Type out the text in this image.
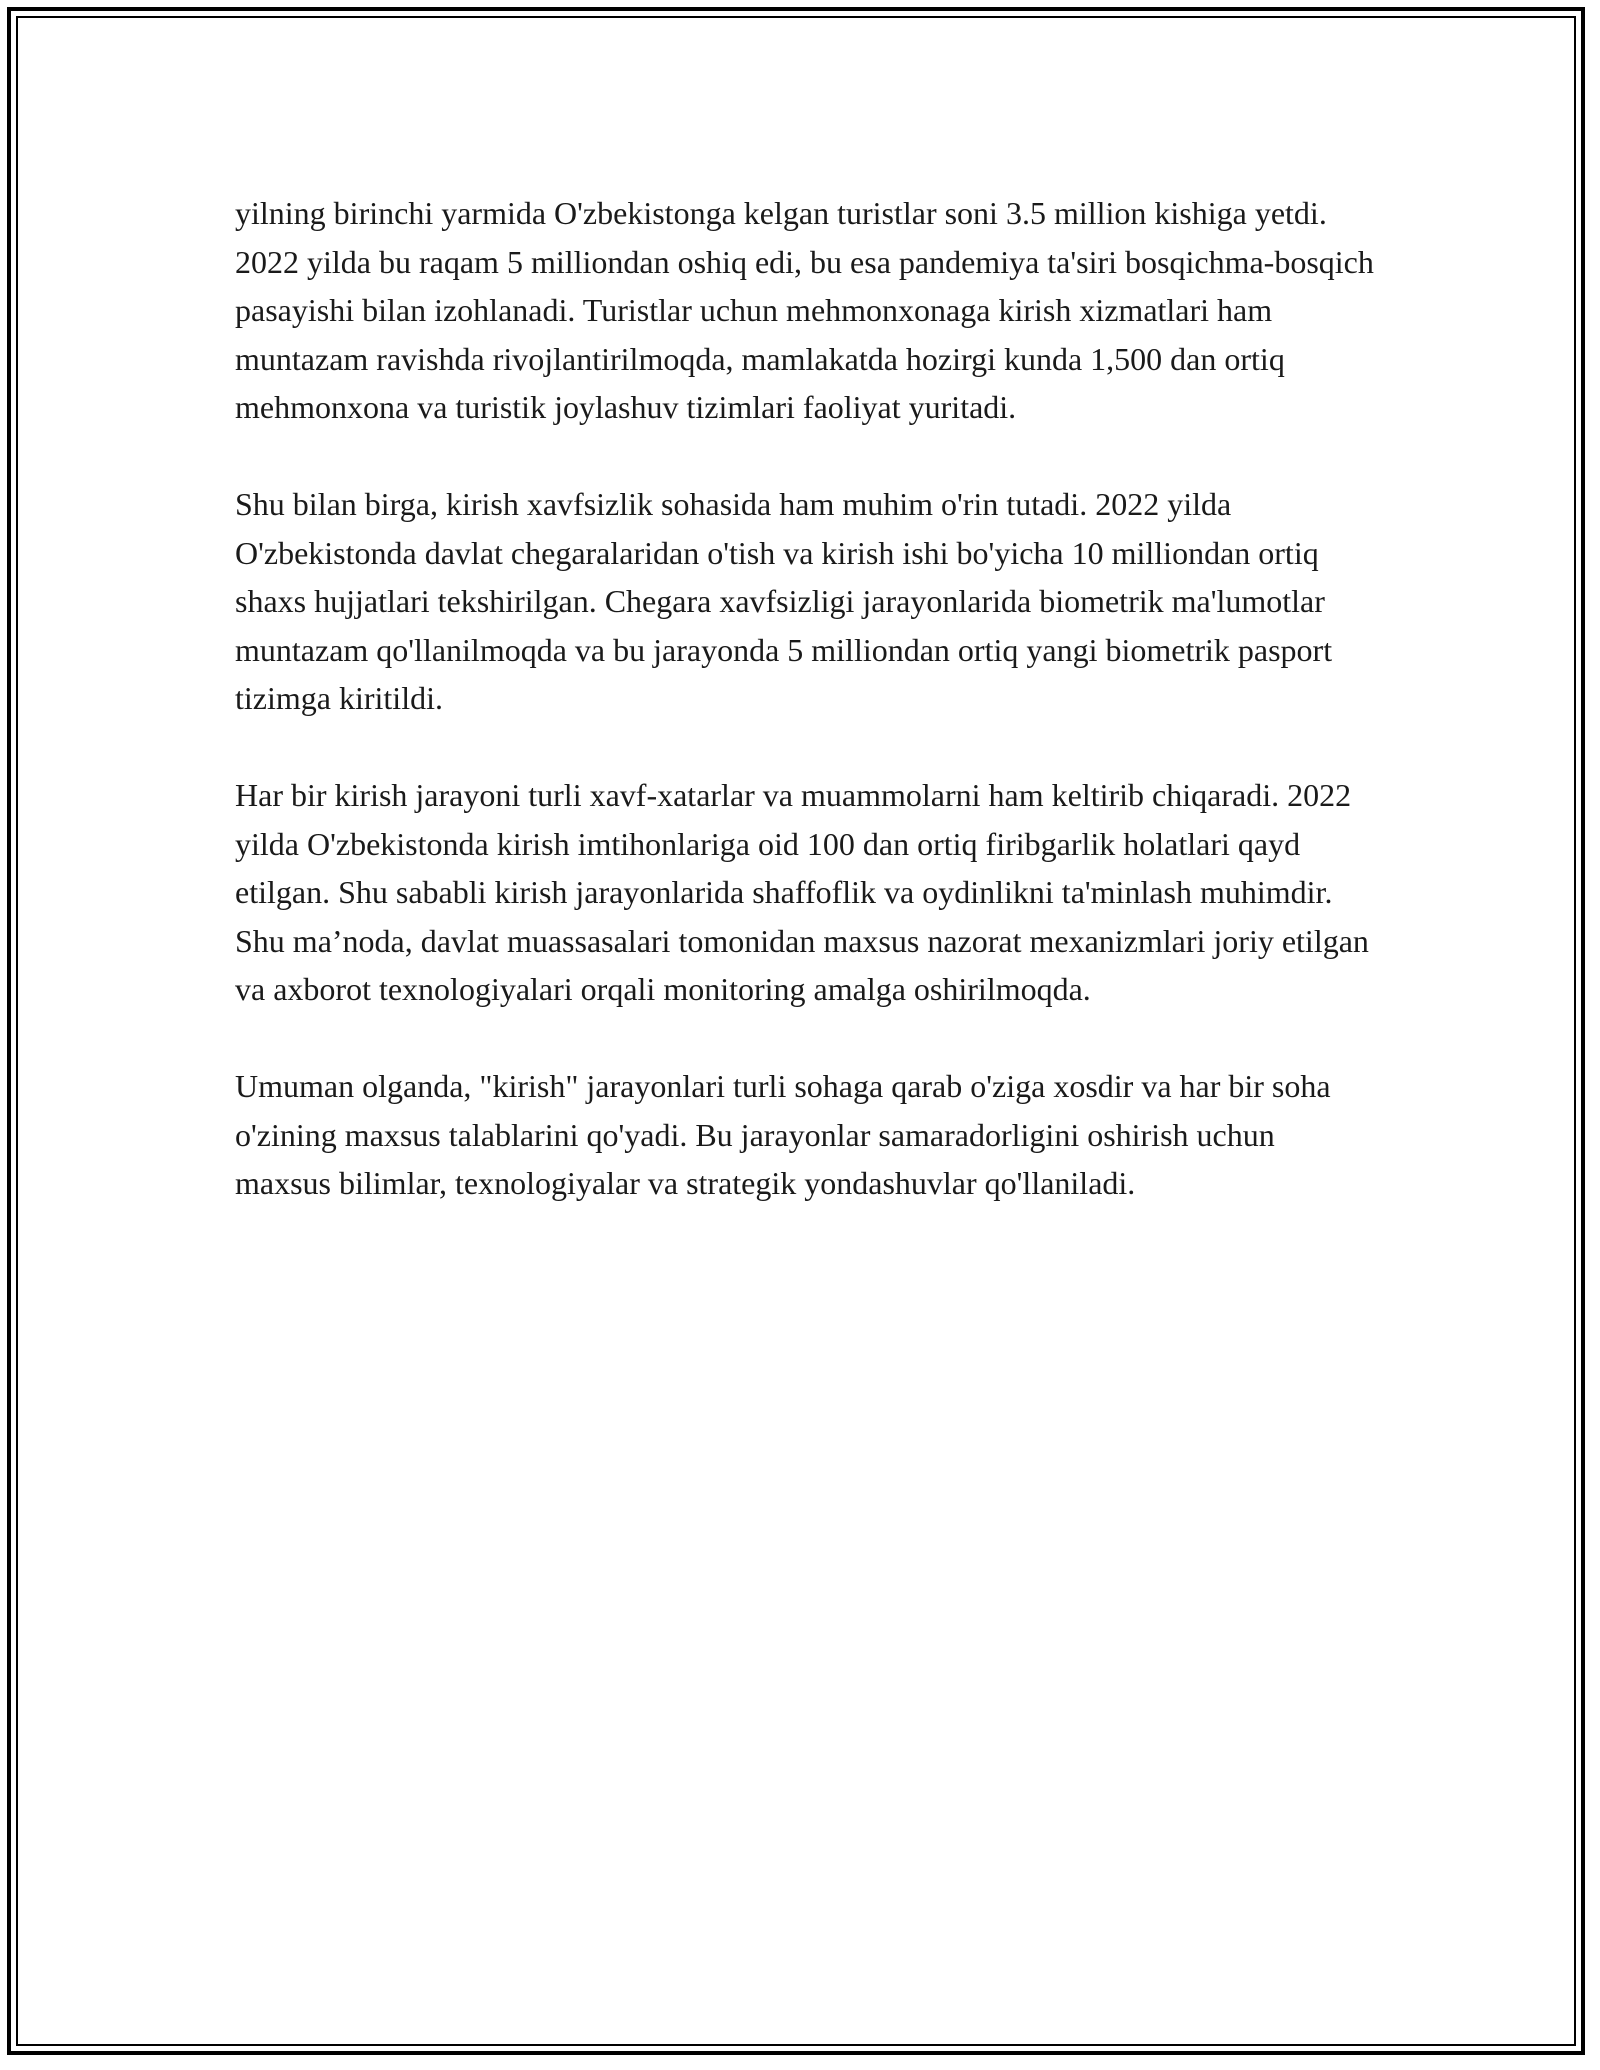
yilning birinchi yarmida O'zbekistonga kelgan turistlar soni 3.5 million kishiga yetdi. 2022 yilda bu raqam 5 milliondan oshiq edi, bu esa pandemiya ta'siri bosqichma-bosqich pasayishi bilan izohlanadi. Turistlar uchun mehmonxonaga kirish xizmatlari ham muntazam ravishda rivojlantirilmoqda, mamlakatda hozirgi kunda 1,500 dan ortiq mehmonxona va turistik joylashuv tizimlari faoliyat yuritadi.

Shu bilan birga, kirish xavfsizlik sohasida ham muhim o'rin tutadi. 2022 yilda O'zbekistonda davlat chegaralaridan o'tish va kirish ishi bo'yicha 10 milliondan ortiq shaxs hujjatlari tekshirilgan. Chegara xavfsizligi jarayonlarida biometrik ma'lumotlar muntazam qo'llanilmoqda va bu jarayonda 5 milliondan ortiq yangi biometrik pasport tizimga kiritildi.

Har bir kirish jarayoni turli xavf-xatarlar va muammolarni ham keltirib chiqaradi. 2022 yilda O'zbekistonda kirish imtihonlariga oid 100 dan ortiq firibgarlik holatlari qayd etilgan. Shu sababli kirish jarayonlarida shaffoflik va oydinlikni ta'minlash muhimdir. Shu ma’noda, davlat muassasalari tomonidan maxsus nazorat mexanizmlari joriy etilgan va axborot texnologiyalari orqali monitoring amalga oshirilmoqda.

Umuman olganda, "kirish" jarayonlari turli sohaga qarab o'ziga xosdir va har bir soha o'zining maxsus talablarini qo'yadi. Bu jarayonlar samaradorligini oshirish uchun maxsus bilimlar, texnologiyalar va strategik yondashuvlar qo'llaniladi.
